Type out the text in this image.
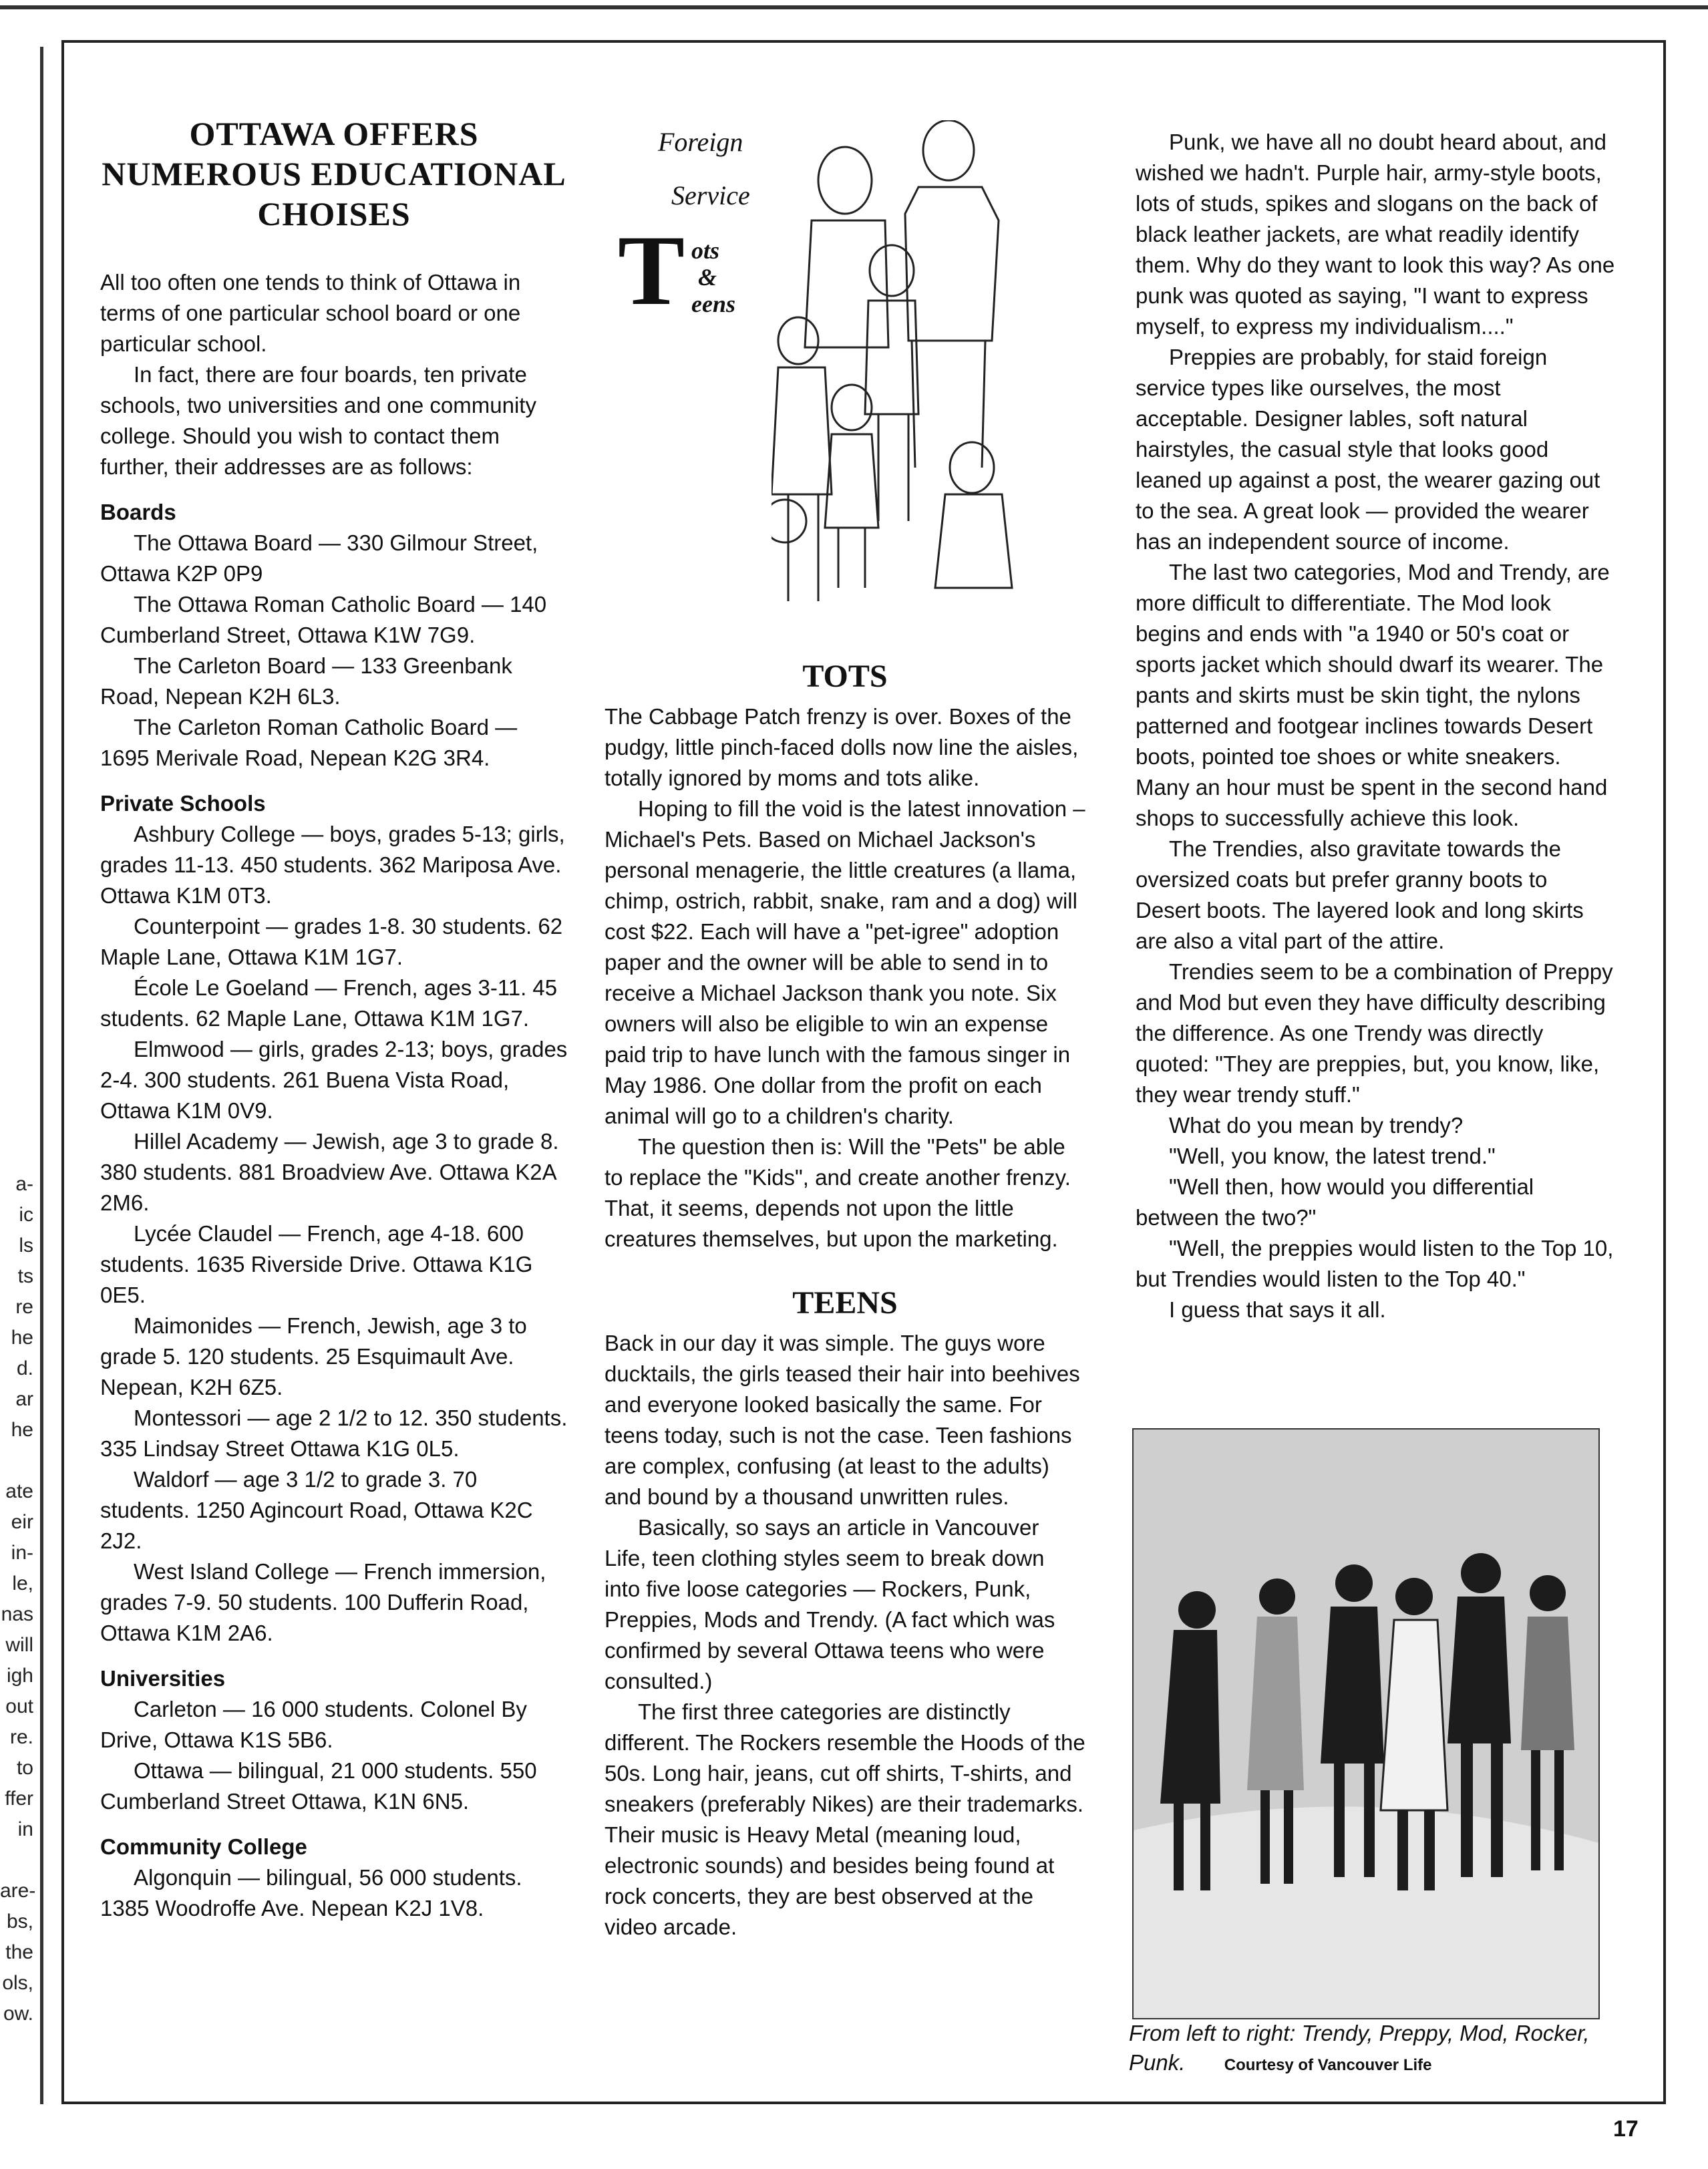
a-
ic
ls
ts
re
he
d.
ar
he

ate
eir
in-
le,
nas
will
igh
out
re.
to
ffer
in

are-
bs,
the
ols,
ow.
OTTAWA OFFERS
NUMEROUS EDUCATIONAL
CHOISES

All too often one tends to think of Ottawa in terms of one particular school board or one particular school.

In fact, there are four boards, ten private schools, two universities and one community college. Should you wish to contact them further, their addresses are as follows:

Boards

The Ottawa Board — 330 Gilmour Street, Ottawa K2P 0P9

The Ottawa Roman Catholic Board — 140 Cumberland Street, Ottawa K1W 7G9.

The Carleton Board — 133 Greenbank Road, Nepean K2H 6L3.

The Carleton Roman Catholic Board — 1695 Merivale Road, Nepean K2G 3R4.

Private Schools

Ashbury College — boys, grades 5-13; girls, grades 11-13. 450 students. 362 Mariposa Ave. Ottawa K1M 0T3.

Counterpoint — grades 1-8. 30 students. 62 Maple Lane, Ottawa K1M 1G7.

École Le Goeland — French, ages 3-11. 45 students. 62 Maple Lane, Ottawa K1M 1G7.

Elmwood — girls, grades 2-13; boys, grades 2-4. 300 students. 261 Buena Vista Road, Ottawa K1M 0V9.

Hillel Academy — Jewish, age 3 to grade 8. 380 students. 881 Broadview Ave. Ottawa K2A 2M6.

Lycée Claudel — French, age 4-18. 600 students. 1635 Riverside Drive. Ottawa K1G 0E5.

Maimonides — French, Jewish, age 3 to grade 5. 120 students. 25 Esquimault Ave. Nepean, K2H 6Z5.

Montessori — age 2 1/2 to 12. 350 students. 335 Lindsay Street Ottawa K1G 0L5.

Waldorf — age 3 1/2 to grade 3. 70 students. 1250 Agincourt Road, Ottawa K2C 2J2.

West Island College — French immersion, grades 7-9. 50 students. 100 Dufferin Road, Ottawa K1M 2A6.

Universities

Carleton — 16 000 students. Colonel By Drive, Ottawa K1S 5B6.

Ottawa — bilingual, 21 000 students. 550 Cumberland Street Ottawa, K1N 6N5.

Community College

Algonquin — bilingual, 56 000 students. 1385 Woodroffe Ave. Nepean K2J 1V8.

Foreign
Service
T ots
&
eens
TOTS

The Cabbage Patch frenzy is over. Boxes of the pudgy, little pinch-faced dolls now line the aisles, totally ignored by moms and tots alike.

Hoping to fill the void is the latest innovation – Michael's Pets. Based on Michael Jackson's personal menagerie, the little creatures (a llama, chimp, ostrich, rabbit, snake, ram and a dog) will cost $22. Each will have a "pet-igree" adoption paper and the owner will be able to send in to receive a Michael Jackson thank you note. Six owners will also be eligible to win an expense paid trip to have lunch with the famous singer in May 1986. One dollar from the profit on each animal will go to a children's charity.

The question then is: Will the "Pets" be able to replace the "Kids", and create another frenzy. That, it seems, depends not upon the little creatures themselves, but upon the marketing.

TEENS

Back in our day it was simple. The guys wore ducktails, the girls teased their hair into beehives and everyone looked basically the same. For teens today, such is not the case. Teen fashions are complex, confusing (at least to the adults) and bound by a thousand unwritten rules.

Basically, so says an article in Vancouver Life, teen clothing styles seem to break down into five loose categories — Rockers, Punk, Preppies, Mods and Trendy. (A fact which was confirmed by several Ottawa teens who were consulted.)

The first three categories are distinctly different. The Rockers resemble the Hoods of the 50s. Long hair, jeans, cut off shirts, T-shirts, and sneakers (preferably Nikes) are their trademarks. Their music is Heavy Metal (meaning loud, electronic sounds) and besides being found at rock concerts, they are best observed at the video arcade.

Punk, we have all no doubt heard about, and wished we hadn't. Purple hair, army-style boots, lots of studs, spikes and slogans on the back of black leather jackets, are what readily identify them. Why do they want to look this way? As one punk was quoted as saying, "I want to express myself, to express my individualism...."

Preppies are probably, for staid foreign service types like ourselves, the most acceptable. Designer lables, soft natural hairstyles, the casual style that looks good leaned up against a post, the wearer gazing out to the sea. A great look — provided the wearer has an independent source of income.

The last two categories, Mod and Trendy, are more difficult to differentiate. The Mod look begins and ends with "a 1940 or 50's coat or sports jacket which should dwarf its wearer. The pants and skirts must be skin tight, the nylons patterned and footgear inclines towards Desert boots, pointed toe shoes or white sneakers. Many an hour must be spent in the second hand shops to successfully achieve this look.

The Trendies, also gravitate towards the oversized coats but prefer granny boots to Desert boots. The layered look and long skirts are also a vital part of the attire.

Trendies seem to be a combination of Preppy and Mod but even they have difficulty describing the difference. As one Trendy was directly quoted: "They are preppies, but, you know, like, they wear trendy stuff."

What do you mean by trendy?

"Well, you know, the latest trend."

"Well then, how would you differential between the two?"

"Well, the preppies would listen to the Top 10, but Trendies would listen to the Top 40."

I guess that says it all.

From left to right: Trendy, Preppy, Mod, Rocker, Punk. Courtesy of Vancouver Life
17
